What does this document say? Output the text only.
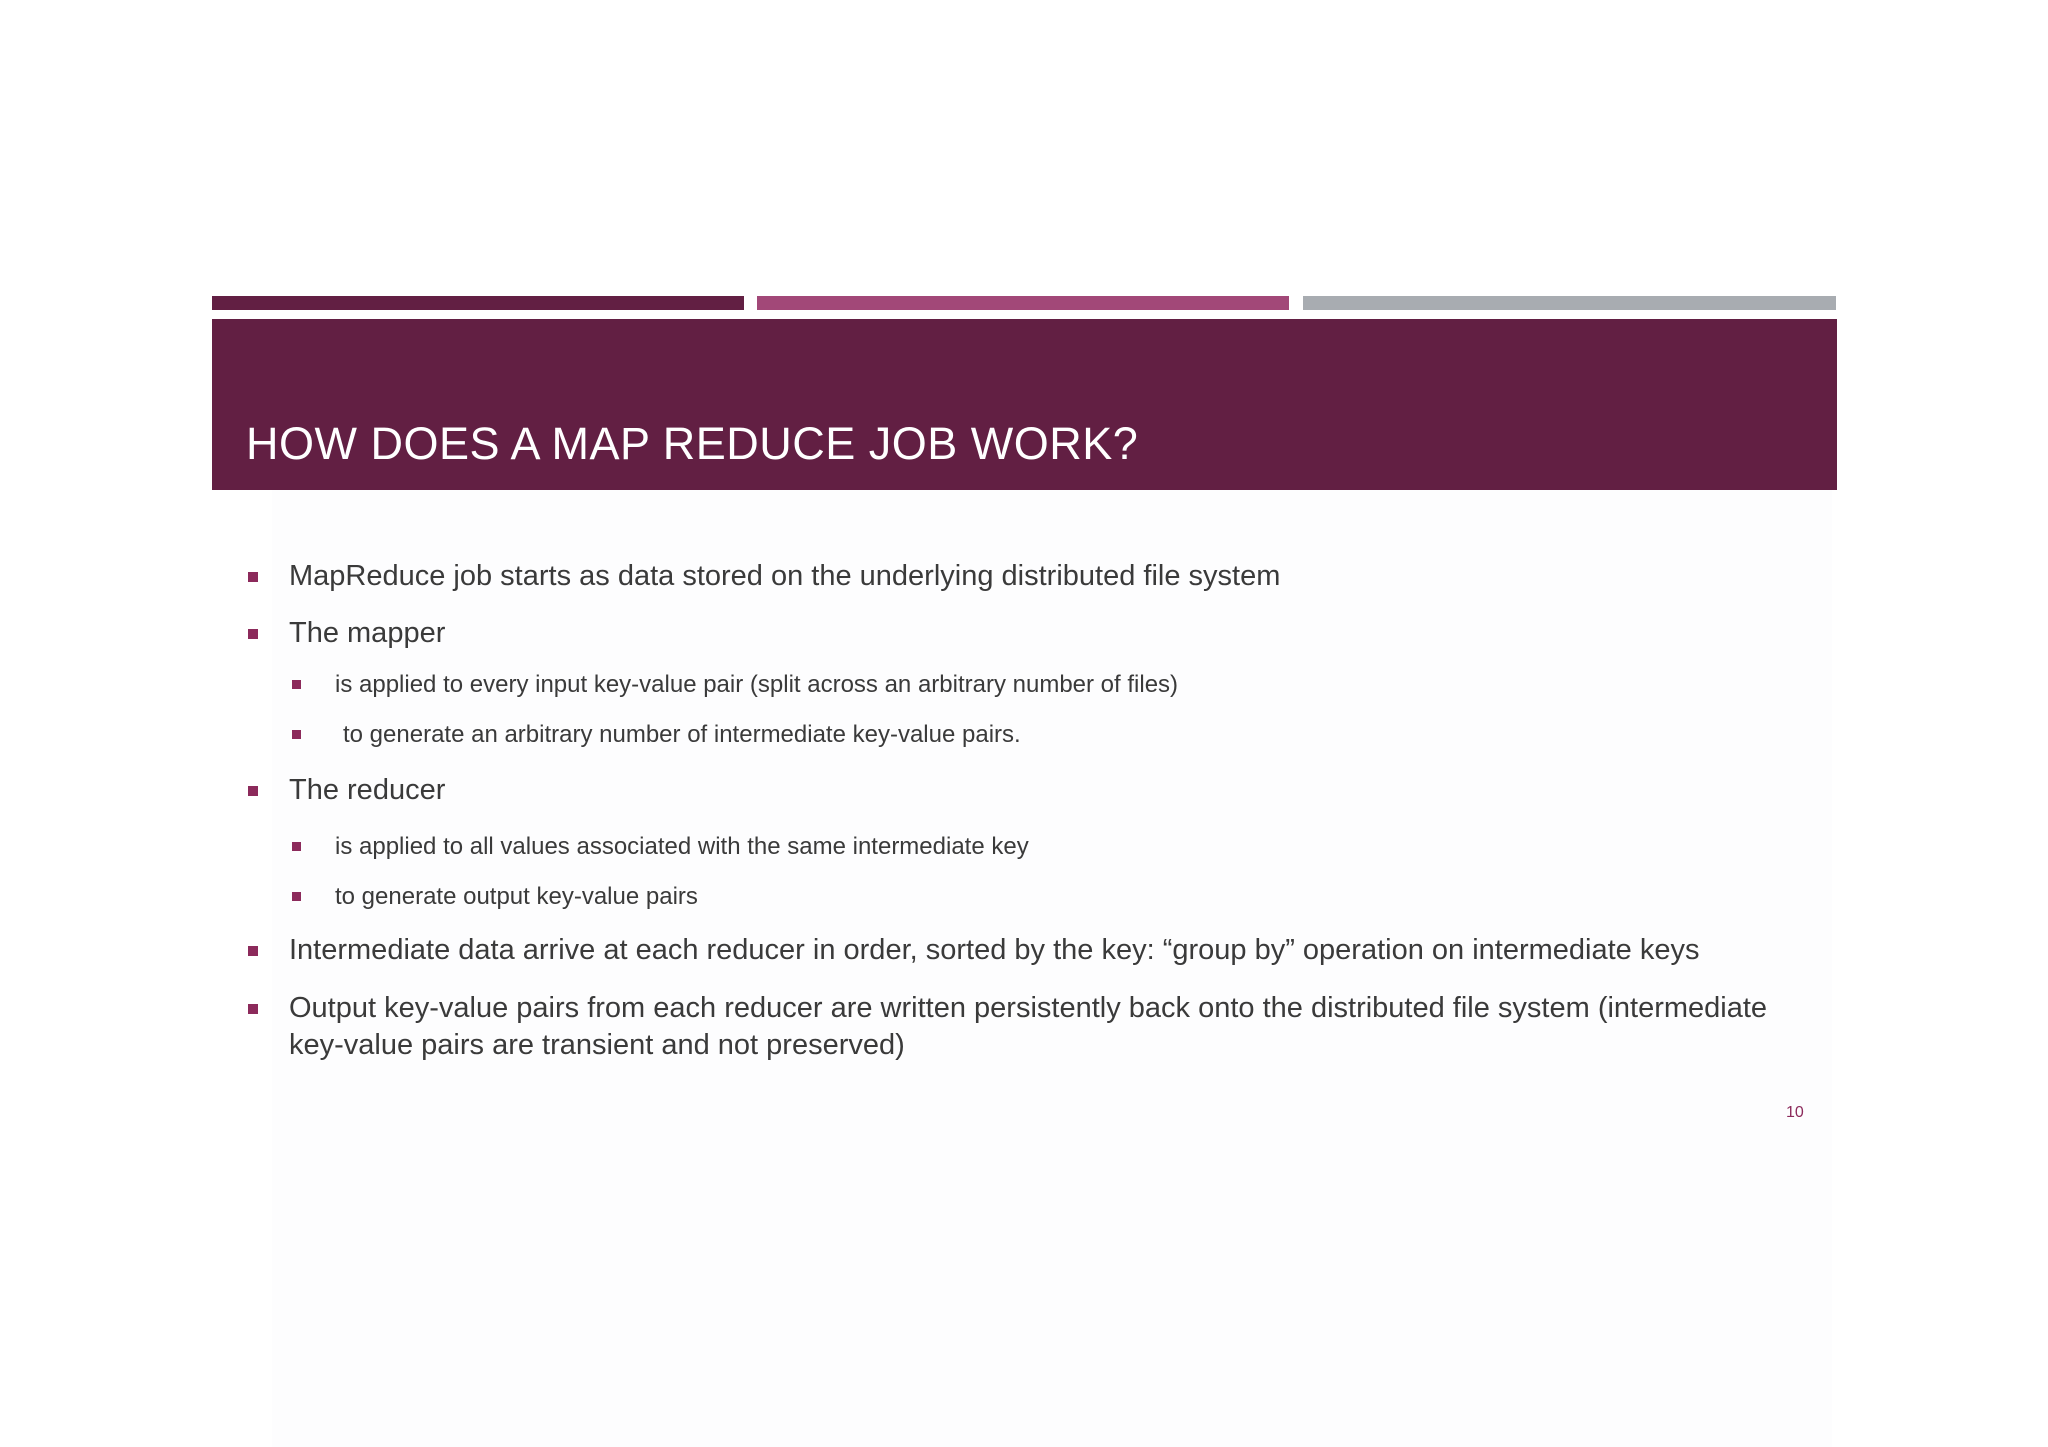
HOW DOES A MAP REDUCE JOB WORK?
MapReduce job starts as data stored on the underlying distributed file system
The mapper
is applied to every input key-value pair (split across an arbitrary number of files)
to generate an arbitrary number of intermediate key-value pairs.
The reducer
is applied to all values associated with the same intermediate key
to generate output key-value pairs
Intermediate data arrive at each reducer in order, sorted by the key: “group by” operation on intermediate keys
Output key-value pairs from each reducer are written persistently back onto the distributed file system (intermediate key-value pairs are transient and not preserved)
10
